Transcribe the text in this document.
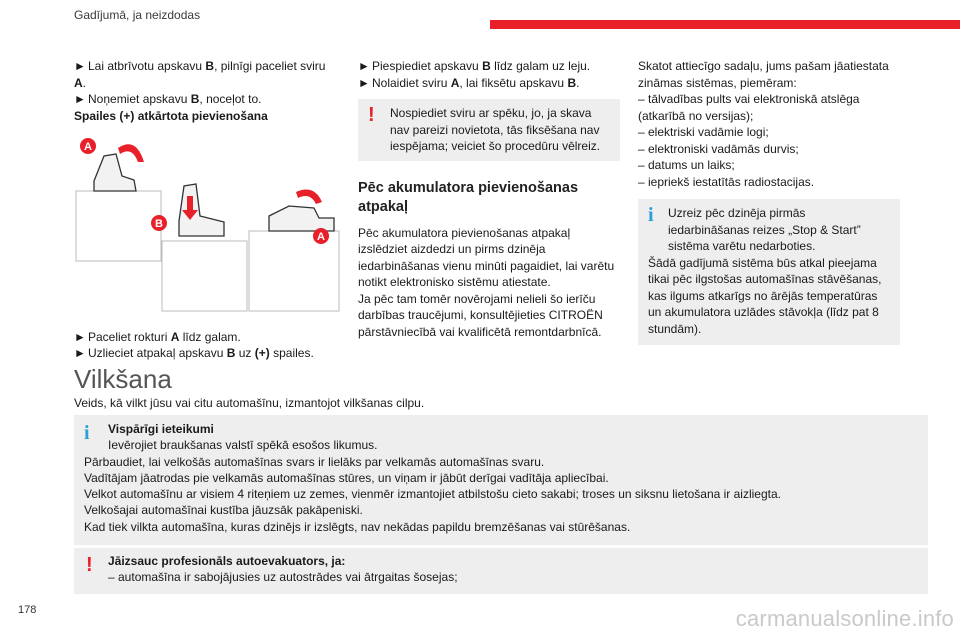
Gadījumā, ja neizdodas

► Lai atbrīvotu apskavu B, pilnīgi paceliet sviru
A.

► Noņemiet apskavu B, noceļot to.

Spailes (+) atkārtota pievienošana

A
B
A

► Paceliet rokturi A līdz galam.

► Uzlieciet atpakaļ apskavu B uz (+) spailes.

► Piespiediet apskavu B līdz galam uz leju.

► Nolaidiet sviru A, lai fiksētu apskavu B.

! Nospiediet sviru ar spēku, jo, ja skava nav pareizi novietota, tās fiksēšana nav iespējama; veiciet šo procedūru vēlreiz.
Pēc akumulatora pievienošanas atpakaļ

Pēc akumulatora pievienošanas atpakaļ izslēdziet aizdedzi un pirms dzinēja iedarbināšanas vienu minūti pagaidiet, lai varētu notikt elektronisko sistēmu atiestate.

Ja pēc tam tomēr novērojami nelieli šo ierīču darbības traucējumi, konsultējieties CITROËN pārstāvniecībā vai kvalificētā remontdarbnīcā.

Skatot attiecīgo sadaļu, jums pašam jāatiestata zināmas sistēmas, piemēram:

– tālvadības pults vai elektroniskā atslēga (atkarībā no versijas);

– elektriski vadāmie logi;

– elektroniski vadāmās durvis;

– datums un laiks;

– iepriekš iestatītās radiostacijas.

i	Uzreiz pēc dzinēja pirmās iedarbināšanas reizes „Stop & Start” sistēma varētu nedarboties.

Šādā gadījumā sistēma būs atkal pieejama tikai pēc ilgstošas automašīnas stāvēšanas, kas ilgums atkarīgs no ārējās temperatūras un akumulatora uzlādes stāvokļa (līdz pat 8 stundām).

Vilkšana
Veids, kā vilkt jūsu vai citu automašīnu, izmantojot vilkšanas cilpu.
i Vispārīgi ieteikumi

Ievērojiet braukšanas valstī spēkā esošos likumus.

Pārbaudiet, lai velkošās automašīnas svars ir lielāks par velkamās automašīnas svaru.

Vadītājam jāatrodas pie velkamās automašīnas stūres, un viņam ir jābūt derīgai vadītāja apliecībai.

Velkot automašīnu ar visiem 4 riteņiem uz zemes, vienmēr izmantojiet atbilstošu cieto sakabi; troses un siksnu lietošana ir aizliegta.

Velkošajai automašīnai kustība jāuzsāk pakāpeniski.

Kad tiek vilkta automašīna, kuras dzinējs ir izslēgts, nav nekādas papildu bremzēšanas vai stūrēšanas.

! Jāizsauc profesionāls autoevakuators, ja:

– automašīna ir sabojājusies uz autostrādes vai ātrgaitas šosejas;

178	carmanualsonline.info
